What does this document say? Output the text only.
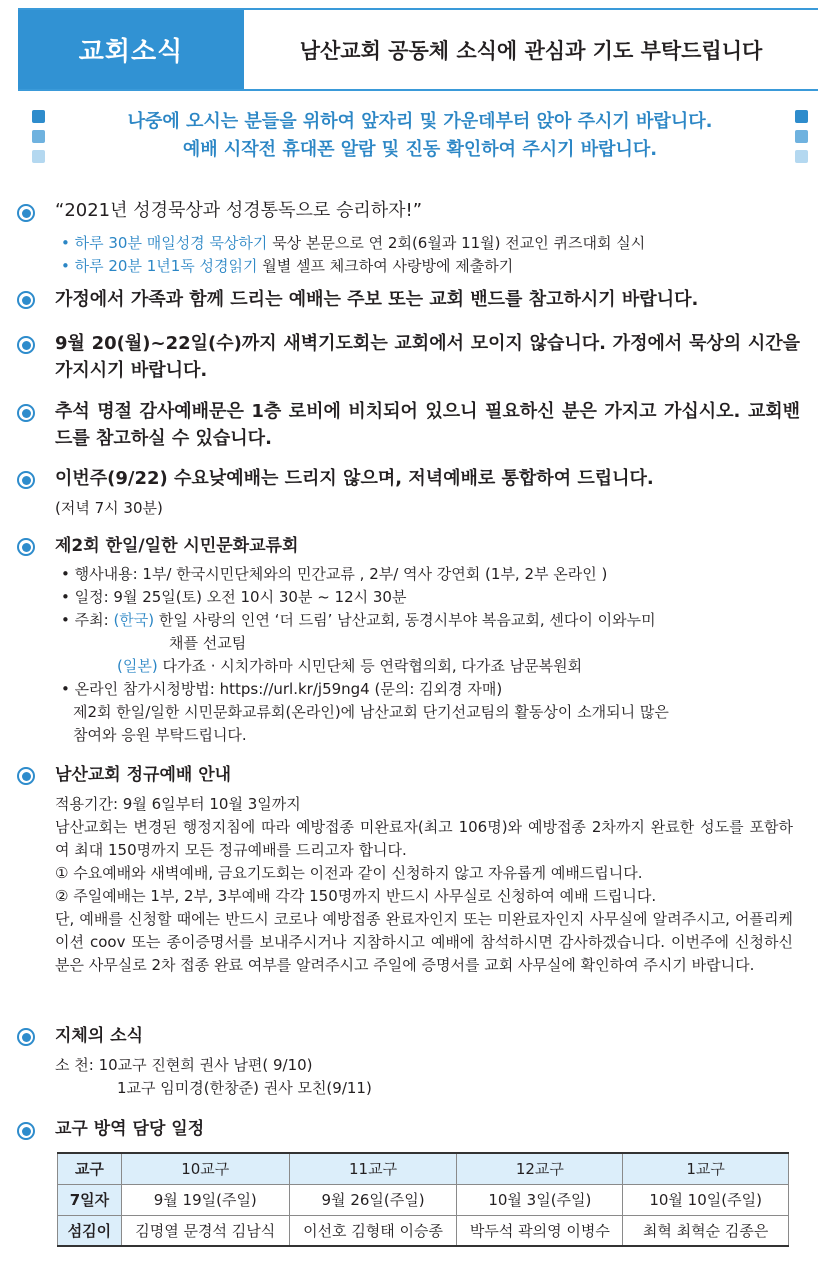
교회소식	남산교회 공동체 소식에 관심과 기도 부탁드립니다
나중에 오시는 분들을 위하여 앞자리 및 가운데부터 앉아 주시기 바랍니다.
예배 시작전 휴대폰 알람 및 진동 확인하여 주시기 바랍니다.
“2021년 성경묵상과 성경통독으로 승리하자!”
• 하루 30분 매일성경 묵상하기 묵상 본문으로 연 2회(6월과 11월) 전교인 퀴즈대회 실시
• 하루 20분 1년1독 성경읽기 월별 셀프 체크하여 사랑방에 제출하기
가정에서 가족과 함께 드리는 예배는 주보 또는 교회 밴드를 참고하시기 바랍니다.
9월 20(월)~22일(수)까지 새벽기도회는 교회에서 모이지 않습니다. 가정에서 묵상의 시간을 가지시기 바랍니다.
추석 명절 감사예배문은 1층 로비에 비치되어 있으니 필요하신 분은 가지고 가십시오. 교회밴드를 참고하실 수 있습니다.
이번주(9/22) 수요낮예배는 드리지 않으며, 저녁예배로 통합하여 드립니다.
(저녁 7시 30분)
제2회 한일/일한 시민문화교류회
• 행사내용: 1부/ 한국시민단체와의 민간교류 , 2부/ 역사 강연회 (1부, 2부 온라인 )
• 일정: 9월 25일(토) 오전 10시 30분 ~ 12시 30분
• 주최: (한국) 한일 사랑의 인연 ‘더 드림’ 남산교회, 동경시부야 복음교회, 센다이 이와누미
채플 선교팀
(일본) 다가죠 · 시치가하마 시민단체 등 연락협의회, 다가죠 남문복원회
• 온라인 참가시청방법: https://url.kr/j59ng4 (문의: 김외경 자매)
제2회 한일/일한 시민문화교류회(온라인)에 남산교회 단기선교팀의 활동상이 소개되니 많은
참여와 응원 부탁드립니다.
남산교회 정규예배 안내
적용기간: 9월 6일부터 10월 3일까지
남산교회는 변경된 행정지침에 따라 예방접종 미완료자(최고 106명)와 예방접종 2차까지 완료한 성도를 포함하여 최대 150명까지 모든 정규예배를 드리고자 합니다.
① 수요예배와 새벽예배, 금요기도회는 이전과 같이 신청하지 않고 자유롭게 예배드립니다.
② 주일예배는 1부, 2부, 3부예배 각각 150명까지 반드시 사무실로 신청하여 예배 드립니다.
단, 예배를 신청할 때에는 반드시 코로나 예방접종 완료자인지 또는 미완료자인지 사무실에 알려주시고, 어플리케이션 coov 또는 종이증명서를 보내주시거나 지참하시고 예배에 참석하시면 감사하겠습니다. 이번주에 신청하신 분은 사무실로 2차 접종 완료 여부를 알려주시고 주일에 증명서를 교회 사무실에 확인하여 주시기 바랍니다.
지체의 소식
소 천: 10교구 진현희 권사 남편( 9/10)
1교구 임미경(한창준) 권사 모친(9/11)
교구 방역 담당 일정
교구	10교구	11교구	12교구	1교구
7일자	9월 19일(주일)	9월 26일(주일)	10월 3일(주일)	10월 10일(주일)
섬김이	김명열 문경석 김남식	이선호 김형태 이승종	박두석 곽의영 이병수	최혁 최혁순 김종은
